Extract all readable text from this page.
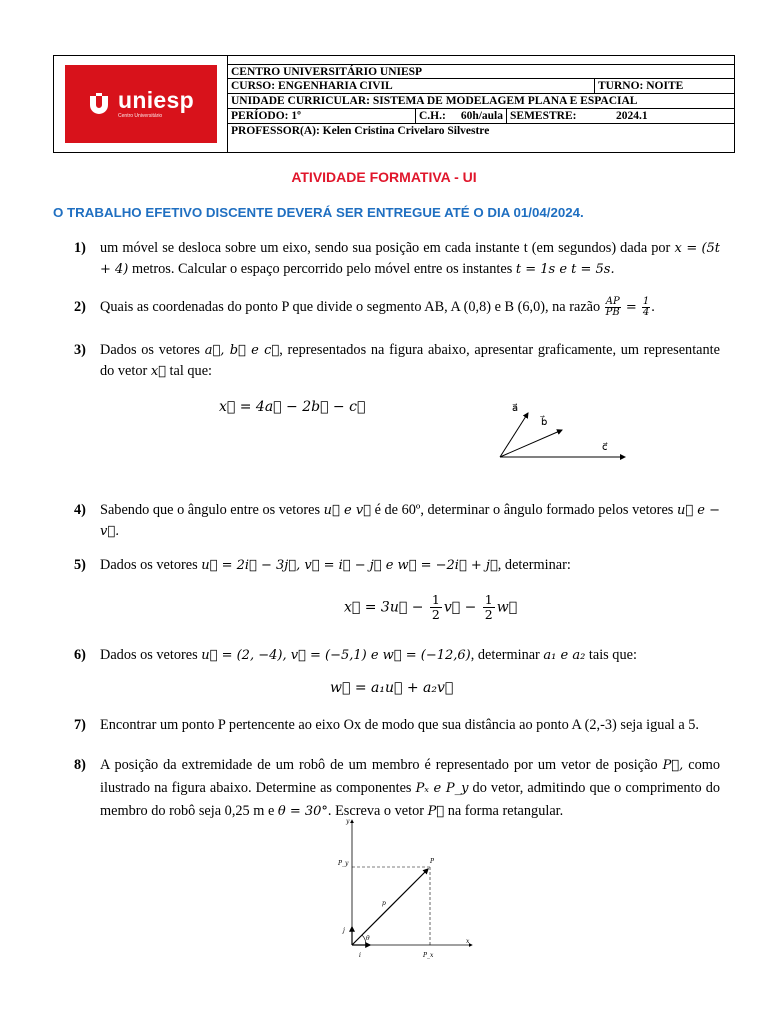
uniesp
Centro Universitário
CENTRO UNIVERSITÁRIO UNIESP
CURSO: ENGENHARIA CIVIL	TURNO: NOITE
UNIDADE CURRICULAR: SISTEMA DE MODELAGEM PLANA E ESPACIAL
PERÍODO: 1º	C.H.:	60h/aula SEMESTRE:	2024.1
PROFESSOR(A): Kelen Cristina Crivelaro Silvestre
ATIVIDADE FORMATIVA - UI
O TRABALHO EFETIVO DISCENTE DEVERÁ SER ENTREGUE ATÉ O DIA 01/04/2024.
1) um móvel se desloca sobre um eixo, sendo sua posição em cada instante t (em segundos) dada por x = (5t + 4) metros. Calcular o espaço percorrido pelo móvel entre os instantes t = 1s e t = 5s.
2) Quais as coordenadas do ponto P que divide o segmento AB, A (0,8) e B (6,0), na razão $\frac{AP}{PB} = \frac{1}{4}$ .
3) Dados os vetores a⃗, b⃗ e c⃗, representados na figura abaixo, apresentar graficamente, um representante do vetor x⃗ tal que:
x⃗ = 4a⃗ − 2b⃗ − c⃗	a⃗
b⃗
c⃗
4) Sabendo que o ângulo entre os vetores u⃗ e v⃗ é de 60º, determinar o ângulo formado pelos vetores u⃗ e − v⃗.
5) Dados os vetores u⃗ = 2i⃗ − 3j⃗, v⃗ = i⃗ − j⃗ e w⃗ = −2i⃗ + j⃗, determinar:
x⃗ = 3u⃗ − $\frac{1}{2}$ v⃗ − $\frac{1}{2}$ w⃗
6) Dados os vetores u⃗ = (2, −4), v⃗ = (−5,1) e w⃗ = (−12,6), determinar a₁ e a₂ tais que:
w⃗ = a₁u⃗ + a₂v⃗
7) Encontrar um ponto P pertencente ao eixo Ox de modo que sua distância ao ponto A (2,-3) seja igual a 5.
8) A posição da extremidade de um robô de um membro é representado por um vetor de posição P⃗, como ilustrado na figura abaixo. Determine as componentes Pₓ e P_y do vetor, admitindo que o comprimento do membro do robô seja 0,25 m e θ = 30°. Escreva o vetor P⃗ na forma retangular.
y
x
P_y
P_x
P
p
j
i
θ
